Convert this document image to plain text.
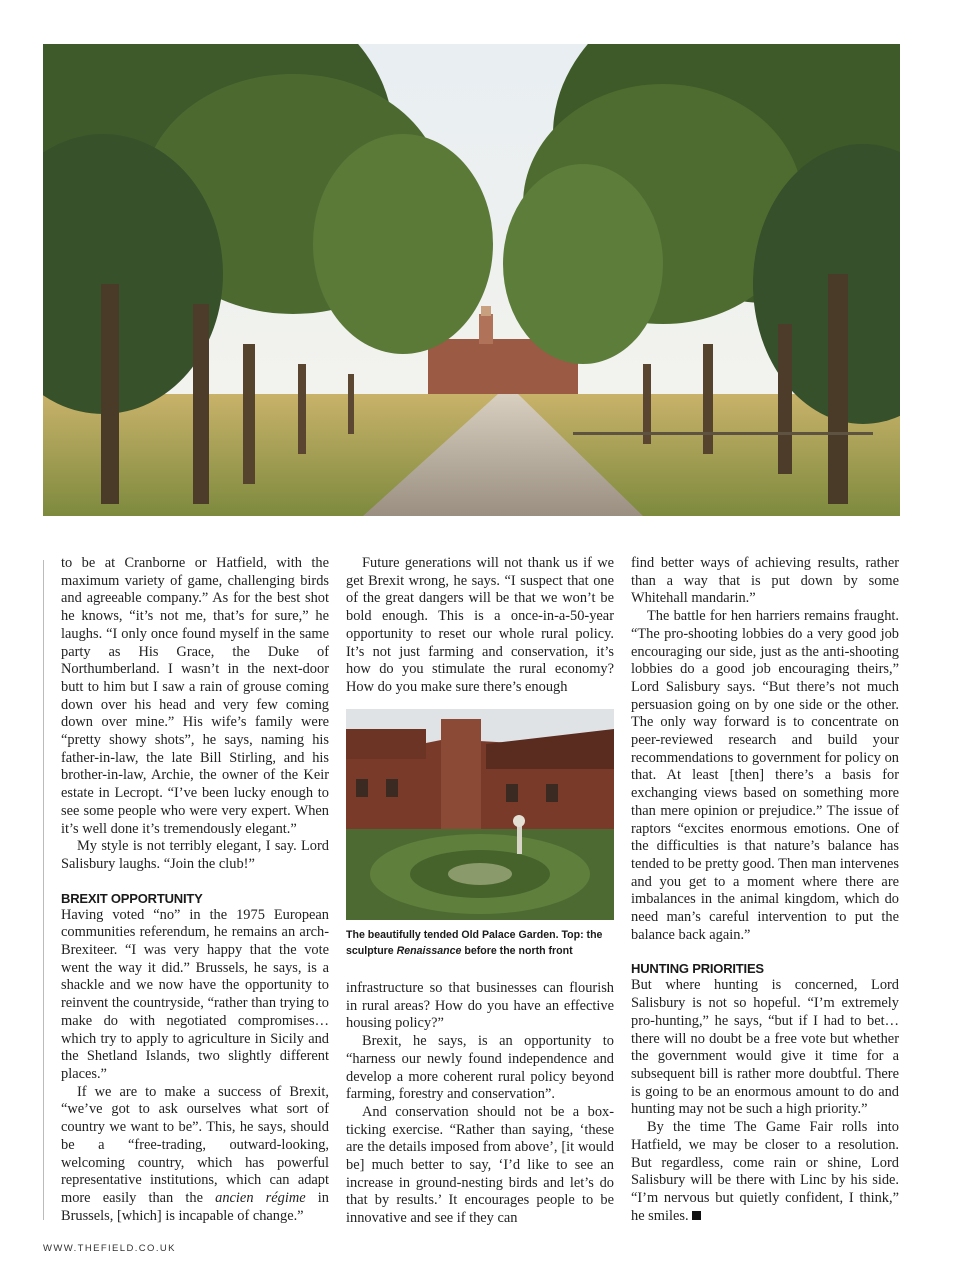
to be at Cranborne or Hatfield, with the maximum variety of game, challenging birds and agreeable company.” As for the best shot he knows, “it’s not me, that’s for sure,” he laughs. “I only once found myself in the same party as His Grace, the Duke of Northumberland. I wasn’t in the next-door butt to him but I saw a rain of grouse coming down over his head and very few coming down over mine.” His wife’s family were “pretty showy shots”, he says, naming his father-in-law, the late Bill Stirling, and his brother-in-law, Archie, the owner of the Keir estate in Lecropt. “I’ve been lucky enough to see some people who were very expert. When it’s well done it’s tremendously elegant.”

My style is not terribly elegant, I say. Lord Salisbury laughs. “Join the club!”

BREXIT OPPORTUNITY

Having voted “no” in the 1975 European communities referendum, he remains an arch-Brexiteer. “I was very happy that the vote went the way it did.” Brussels, he says, is a shackle and we now have the opportunity to reinvent the countryside, “rather than trying to make do with negotiated compromises… which try to apply to agriculture in Sicily and the Shetland Islands, two slightly different places.”

If we are to make a success of Brexit, “we’ve got to ask ourselves what sort of country we want to be”. This, he says, should be a “free-trading, outward-looking, welcoming country, which has powerful representative institutions, which can adapt more easily than the ancien régime in Brussels, [which] is incapable of change.”

Future generations will not thank us if we get Brexit wrong, he says. “I suspect that one of the great dangers will be that we won’t be bold enough. This is a once-in-a-50-year opportunity to reset our whole rural policy. It’s not just farming and conservation, it’s how do you stimulate the rural economy? How do you make sure there’s enough

The beautifully tended Old Palace Garden. Top: the sculpture Renaissance before the north front

infrastructure so that businesses can flourish in rural areas? How do you have an effective housing policy?”

Brexit, he says, is an opportunity to “harness our newly found independence and develop a more coherent rural policy beyond farming, forestry and conservation”.

And conservation should not be a box-ticking exercise. “Rather than saying, ‘these are the details imposed from above’, [it would be] much better to say, ‘I’d like to see an increase in ground-nesting birds and let’s do that by results.’ It encourages people to be innovative and see if they can

find better ways of achieving results, rather than a way that is put down by some Whitehall mandarin.”

The battle for hen harriers remains fraught. “The pro-shooting lobbies do a very good job encouraging our side, just as the anti-shooting lobbies do a good job encouraging theirs,” Lord Salisbury says. “But there’s not much persuasion going on by one side or the other. The only way forward is to concentrate on peer-reviewed research and build your recommendations to government for policy on that. At least [then] there’s a basis for exchanging views based on something more than mere opinion or prejudice.” The issue of raptors “excites enormous emotions. One of the difficulties is that nature’s balance has tended to be pretty good. Then man intervenes and you get to a moment where there are imbalances in the animal kingdom, which do need man’s careful intervention to put the balance back again.”

HUNTING PRIORITIES

But where hunting is concerned, Lord Salisbury is not so hopeful. “I’m extremely pro-hunting,” he says, “but if I had to bet… there will no doubt be a free vote but whether the government would give it time for a subsequent bill is rather more doubtful. There is going to be an enormous amount to do and hunting may not be such a high priority.”

By the time The Game Fair rolls into Hatfield, we may be closer to a resolution. But regardless, come rain or shine, Lord Salisbury will be there with Linc by his side. “I’m nervous but quietly confident, I think,” he smiles.

WWW.THEFIELD.CO.UK
